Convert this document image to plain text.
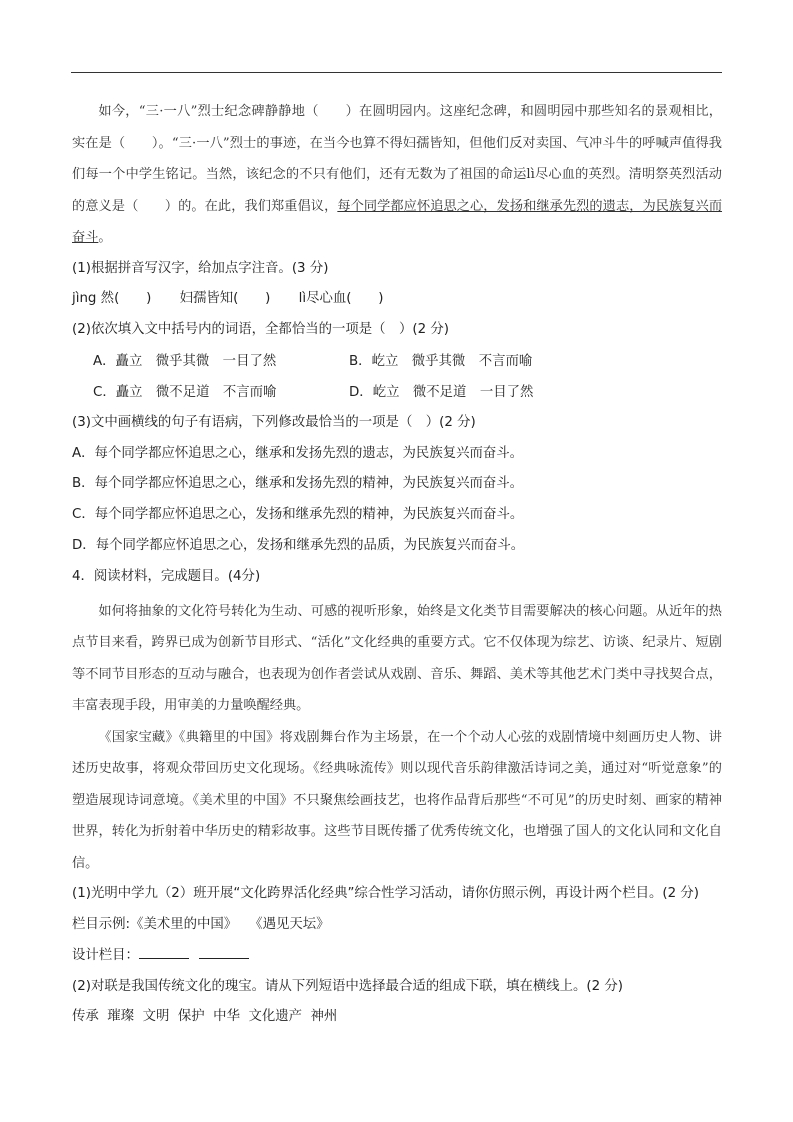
如今，“三·一八”烈士纪念碑静静地（　　）在圆明园内。这座纪念碑，和圆明园中那些知名的景观相比，实在是（　　）。“三·一八”烈士的事迹，在当今也算不得妇孺皆知，但他们反对卖国、气冲斗牛的呼喊声值得我们每一个中学生铭记。当然，该纪念的不只有他们，还有无数为了祖国的命运lì尽心血的英烈。清明祭英烈活动的意义是（　　）的。在此，我们郑重倡议，每个同学都应怀追思之心，发扬和继承先烈的遗志，为民族复兴而奋斗。

(1)根据拼音写汉字，给加点字注音。(3 分)
jìng 然(　　) 妇孺皆知(　　) lì尽心血(　　)
(2)依次填入文中括号内的词语，全都恰当的一项是（　）(2 分)
A．矗立　微乎其微　一目了然	B．屹立　微乎其微　不言而喻
C．矗立　微不足道　不言而喻	D．屹立　微不足道　一目了然
(3)文中画横线的句子有语病，下列修改最恰当的一项是（　）(2 分)
A．每个同学都应怀追思之心，继承和发扬先烈的遗志，为民族复兴而奋斗。
B．每个同学都应怀追思之心，继承和发扬先烈的精神，为民族复兴而奋斗。
C．每个同学都应怀追思之心，发扬和继承先烈的精神，为民族复兴而奋斗。
D．每个同学都应怀追思之心，发扬和继承先烈的品质，为民族复兴而奋斗。
4．阅读材料，完成题目。(4分)

如何将抽象的文化符号转化为生动、可感的视听形象，始终是文化类节目需要解决的核心问题。从近年的热点节目来看，跨界已成为创新节目形式、“活化”文化经典的重要方式。它不仅体现为综艺、访谈、纪录片、短剧等不同节目形态的互动与融合，也表现为创作者尝试从戏剧、音乐、舞蹈、美术等其他艺术门类中寻找契合点，丰富表现手段，用审美的力量唤醒经典。

《国家宝藏》《典籍里的中国》将戏剧舞台作为主场景，在一个个动人心弦的戏剧情境中刻画历史人物、讲述历史故事，将观众带回历史文化现场。《经典咏流传》则以现代音乐韵律激活诗词之美，通过对“听觉意象”的塑造展现诗词意境。《美术里的中国》不只聚焦绘画技艺，也将作品背后那些“不可见”的历史时刻、画家的精神世界，转化为折射着中华历史的精彩故事。这些节目既传播了优秀传统文化，也增强了国人的文化认同和文化自信。

(1)光明中学九（2）班开展“文化跨界活化经典”综合性学习活动，请你仿照示例，再设计两个栏目。(2 分)
栏目示例:《美术里的中国》 《遇见天坛》
设计栏目：
(2)对联是我国传统文化的瑰宝。请从下列短语中选择最合适的组成下联，填在横线上。(2 分)
传承  璀璨  文明  保护  中华  文化遗产  神州
